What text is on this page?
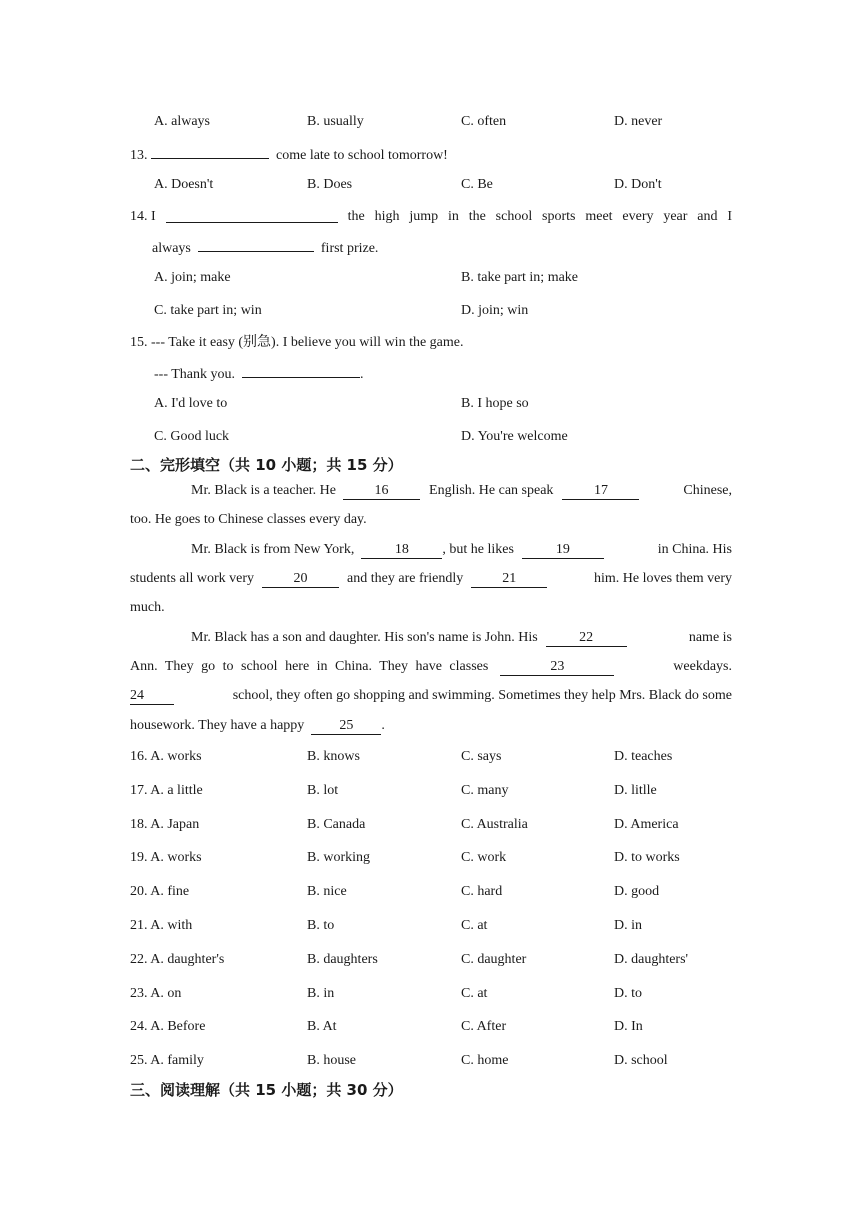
A. always	B. usually	C. often	D. never
13.	come late to school tomorrow!
A. Doesn't	B. Does	C. Be	D. Don't
14. I	the high jump in the school sports meet every year and I
always	first prize.
A. join; make	B. take part in; make
C. take part in; win	D. join; win
15. --- Take it easy (别急). I believe you will win the game.
--- Thank you.	.
A. I'd love to	B. I hope so
C. Good luck	D. You're welcome
二、完形填空（共 10 小题；共 15 分）
Mr. Black is a teacher. He	16	English. He can speak	17	Chinese,
too. He goes to Chinese classes every day.
Mr. Black is from New York,	18	, but he likes	19	in China. His
students all work very	20	and they are friendly	21	him. He loves them very
much.
Mr. Black has a son and daughter. His son's name is John. His	22	name is
Ann. They go to school here in China. They have classes	23	weekdays.
24	school, they often go shopping and swimming. Sometimes they help Mrs. Black do some
housework. They have a happy	25	.
16. A. works	B. knows	C. says	D. teaches
17. A. a little	B. lot	C. many	D. litlle
18. A. Japan	B. Canada	C. Australia	D. America
19. A. works	B. working	C. work	D. to works
20. A. fine	B. nice	C. hard	D. good
21. A. with	B. to	C. at	D. in
22. A. daughter's	B. daughters	C. daughter	D. daughters'
23. A. on	B. in	C. at	D. to
24. A. Before	B. At	C. After	D. In
25. A. family	B. house	C. home	D. school
三、阅读理解（共 15 小题；共 30 分）
